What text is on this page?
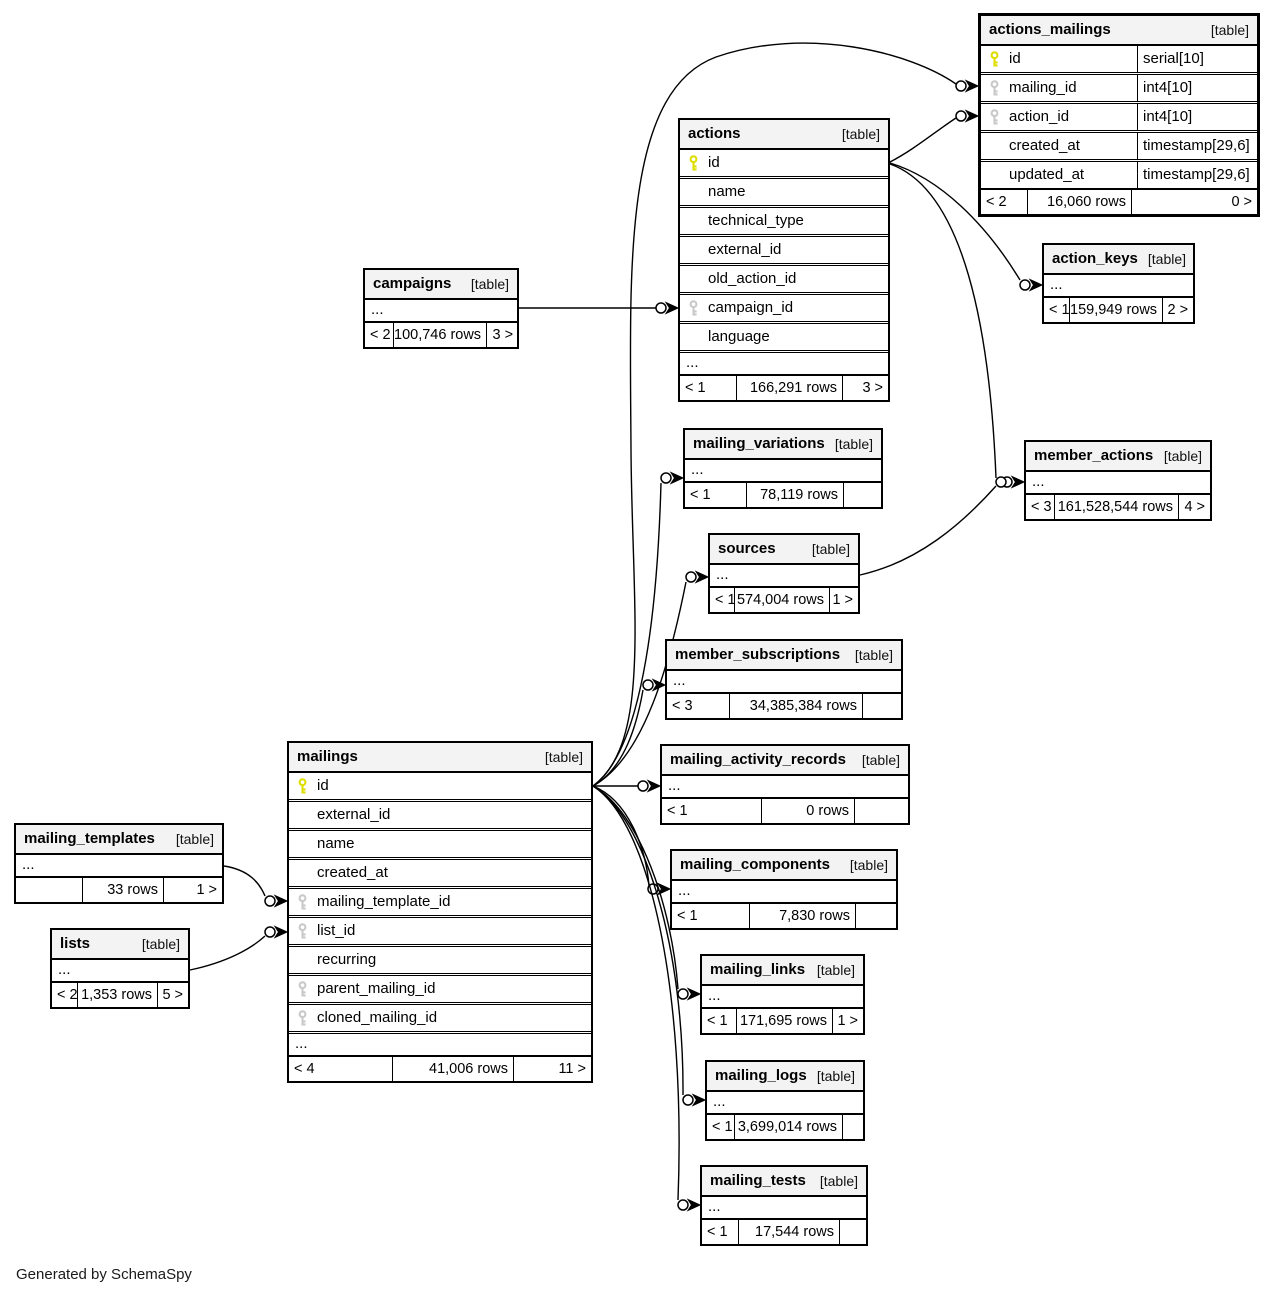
actions_mailings	[table]
id	serial[10]
mailing_id	int4[10]
action_id	int4[10]
created_at	timestamp[29,6]
updated_at	timestamp[29,6]
< 2	16,060 rows	0 >
actions	[table]
id
name
technical_type
external_id
old_action_id
campaign_id
language
...
< 1	166,291 rows	3 >
campaigns [table]
...
< 2 100,746 rows 3 >
action_keys [table]
...
< 1 159,949 rows 2 >
mailing_variations [table]
...
< 1	78,119 rows
member_actions [table]
...
< 3 161,528,544 rows 4 >
sources	[table]
...
< 1 574,004 rows 1 >
member_subscriptions [table]
...
< 3	34,385,384 rows
mailing_activity_records [table]
...
< 1	0 rows
mailings	[table]
id
external_id
name
created_at
mailing_template_id
list_id
recurring
parent_mailing_id
cloned_mailing_id
...
< 4	41,006 rows	11 >
mailing_templates [table]
...
33 rows	1 >
lists	[table]
...
< 2 1,353 rows 5 >
mailing_components [table]
...
< 1	7,830 rows
mailing_links [table]
...
< 1 171,695 rows 1 >
mailing_logs [table]
...
< 1 3,699,014 rows
mailing_tests [table]
...
< 1	17,544 rows
Generated by SchemaSpy
